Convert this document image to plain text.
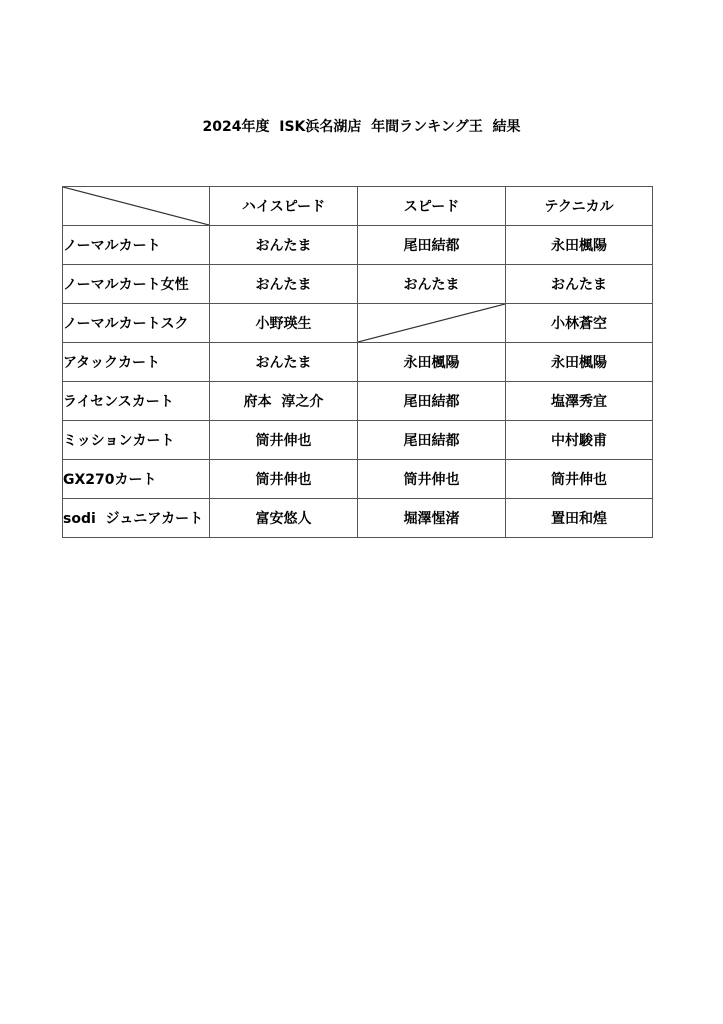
2024年度  ISK浜名湖店  年間ランキング王  結果
	ハイスピード	スピード	テクニカル
ノーマルカート	おんたま	尾田結都	永田楓陽
ノーマルカート女性	おんたま	おんたま	おんたま
ノーマルカートスク	小野瑛生		小林蒼空
アタックカート	おんたま	永田楓陽	永田楓陽
ライセンスカート	府本  淳之介	尾田結都	塩澤秀宜
ミッションカート	筒井伸也	尾田結都	中村駿甫
GX270カート	筒井伸也	筒井伸也	筒井伸也
sodi  ジュニアカート	富安悠人	堀澤惺渚	置田和煌
